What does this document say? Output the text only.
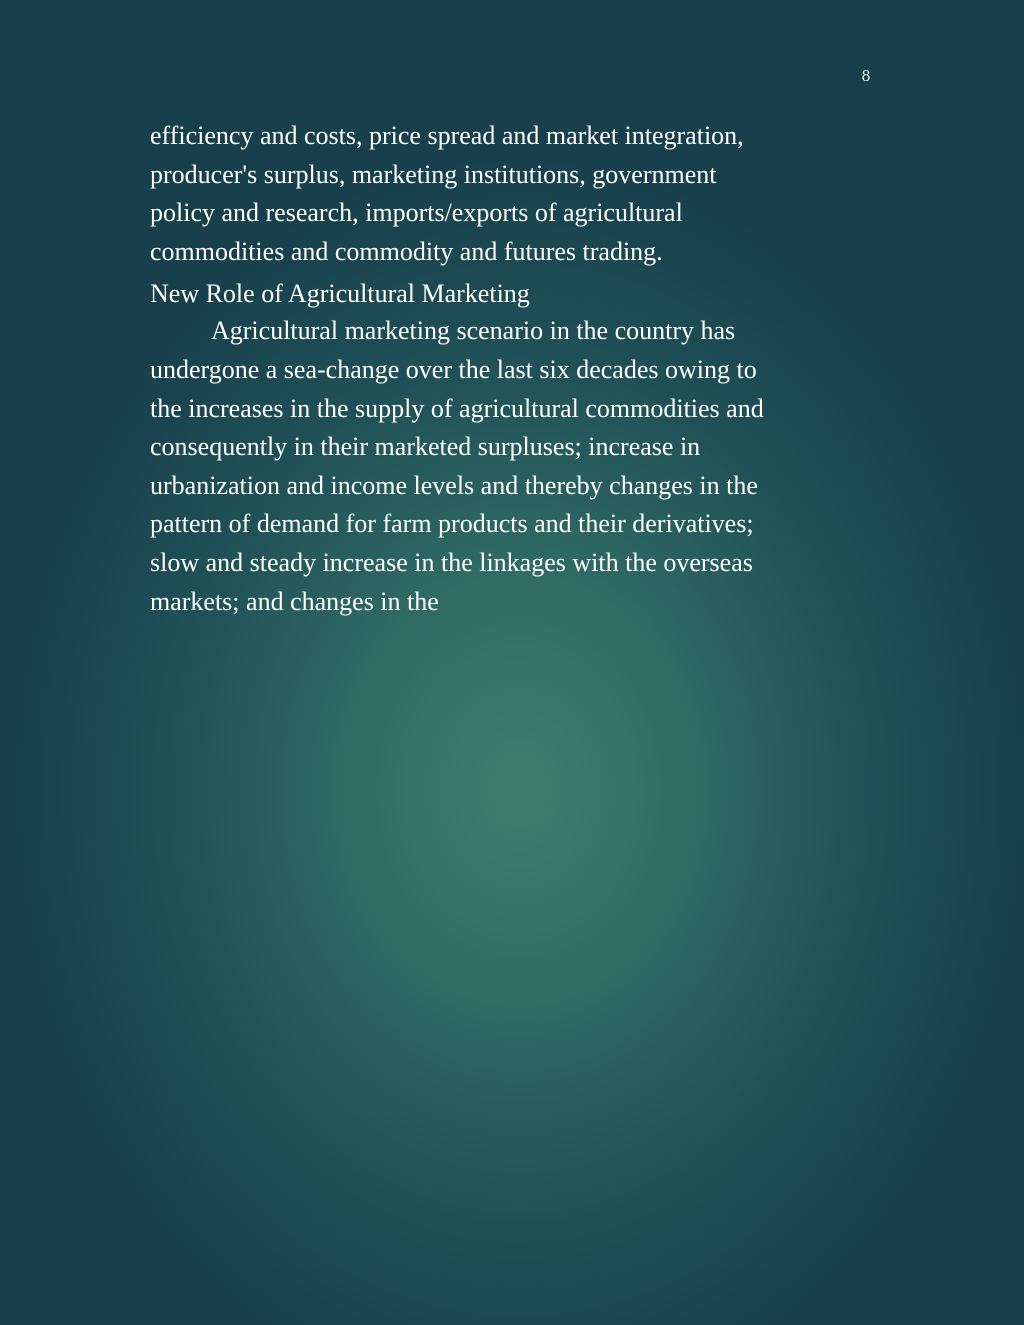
8
efficiency and costs, price spread and market integration,
producer's surplus, marketing institutions, government
policy and research, imports/exports of agricultural
commodities and commodity and futures trading.
New Role of Agricultural Marketing
Agricultural marketing scenario in the country has
undergone a sea-change over the last six decades owing to
the increases in the supply of agricultural commodities and
consequently in their marketed surpluses; increase in
urbanization and income levels and thereby changes in the
pattern of demand for farm products and their derivatives;
slow and steady increase in the linkages with the overseas
markets; and changes in the
